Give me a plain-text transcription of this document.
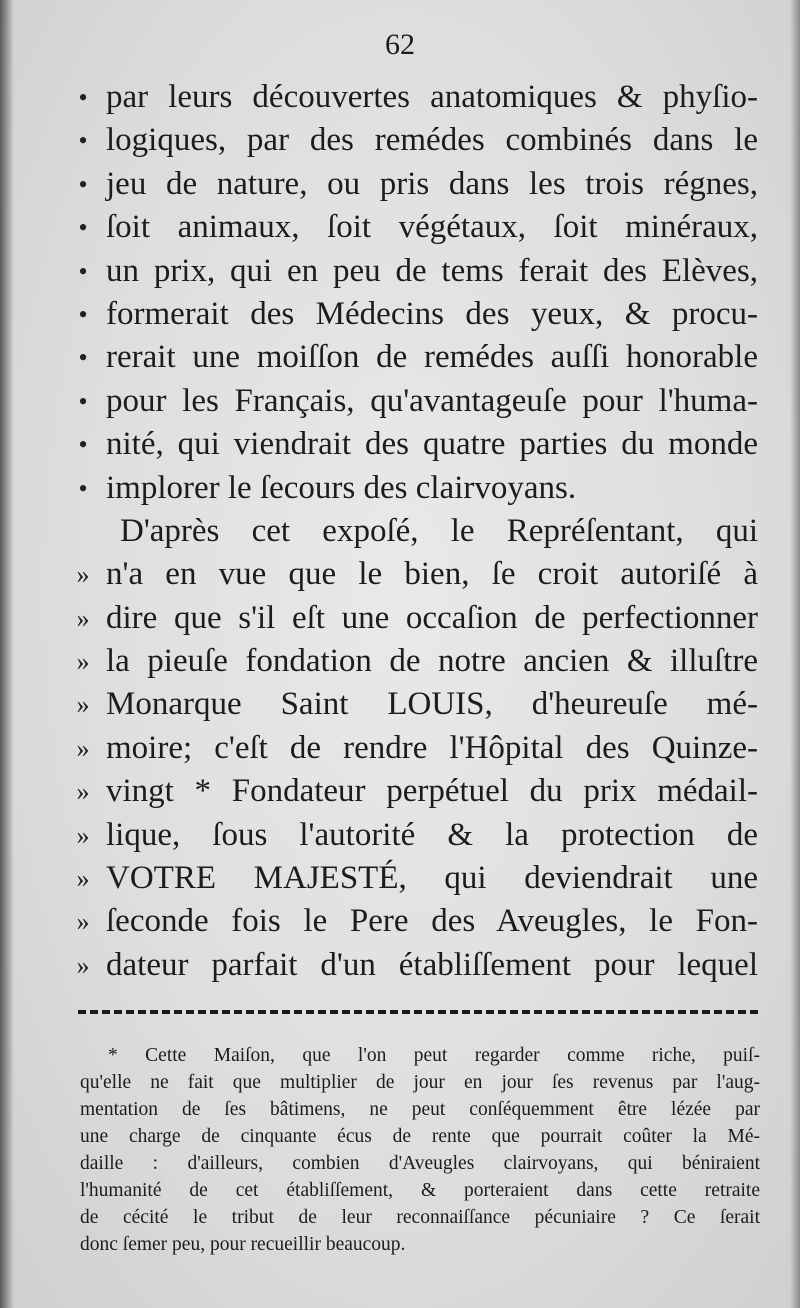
62
• par leurs découvertes anatomiques & phyſio-
• logiques, par des remédes combinés dans le
• jeu de nature, ou pris dans les trois régnes,
• ſoit animaux, ſoit végétaux, ſoit minéraux,
• un prix, qui en peu de tems ferait des Elèves,
• formerait des Médecins des yeux, & procu-
• rerait une moiſſon de remédes auſſi honorable
• pour les Français, qu'avantageuſe pour l'huma-
• nité, qui viendrait des quatre parties du monde
• implorer le ſecours des clairvoyans.
D'après cet expoſé, le Repréſentant, qui
» n'a en vue que le bien, ſe croit autoriſé à
» dire que s'il eſt une occaſion de perfectionner
» la pieuſe fondation de notre ancien & illuſtre
» Monarque Saint LOUIS, d'heureuſe mé-
» moire; c'eſt de rendre l'Hôpital des Quinze-
» vingt * Fondateur perpétuel du prix médail-
» lique, ſous l'autorité & la protection de
» VOTRE MAJESTÉ, qui deviendrait une
» ſeconde fois le Pere des Aveugles, le Fon-
» dateur parfait d'un établiſſement pour lequel
* Cette Maiſon, que l'on peut regarder comme riche, puiſ-
qu'elle ne fait que multiplier de jour en jour ſes revenus par l'aug-
mentation de ſes bâtimens, ne peut conſéquemment être lézée par
une charge de cinquante écus de rente que pourrait coûter la Mé-
daille : d'ailleurs, combien d'Aveugles clairvoyans, qui béniraient
l'humanité de cet établiſſement, & porteraient dans cette retraite
de cécité le tribut de leur reconnaiſſance pécuniaire ? Ce ſerait
donc ſemer peu, pour recueillir beaucoup.
